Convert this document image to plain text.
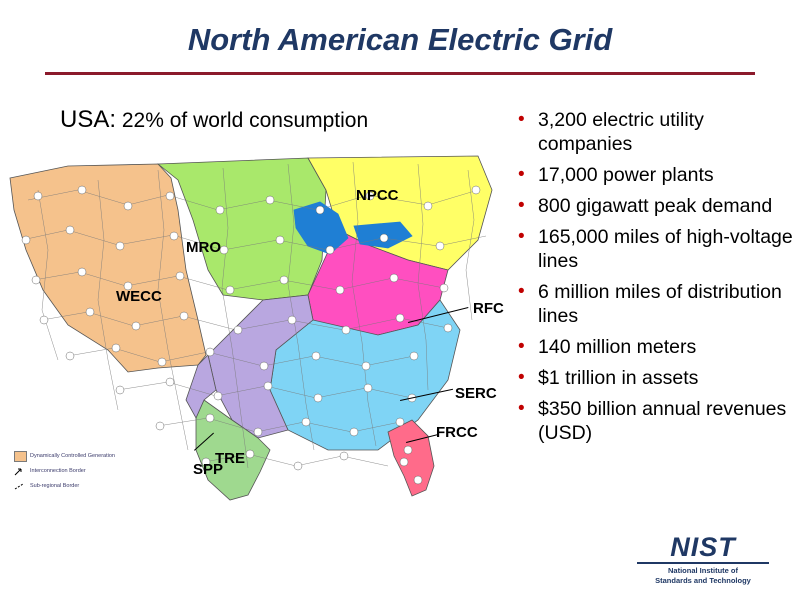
North American Electric Grid
USA: 22% of world consumption
NPCC
MRO
WECC
RFC
SERC
FRCC
SPP
TRE
Dynamically Controlled Generation
Interconnection Border
Sub-regional Border
• 3,200 electric utility companies
• 17,000 power plants
• 800 gigawatt peak demand
• 165,000 miles of high-voltage lines
• 6 million miles of distribution lines
• 140 million meters
• $1 trillion in assets
• $350 billion annual revenues (USD)
NIST
National Institute of
Standards and Technology
